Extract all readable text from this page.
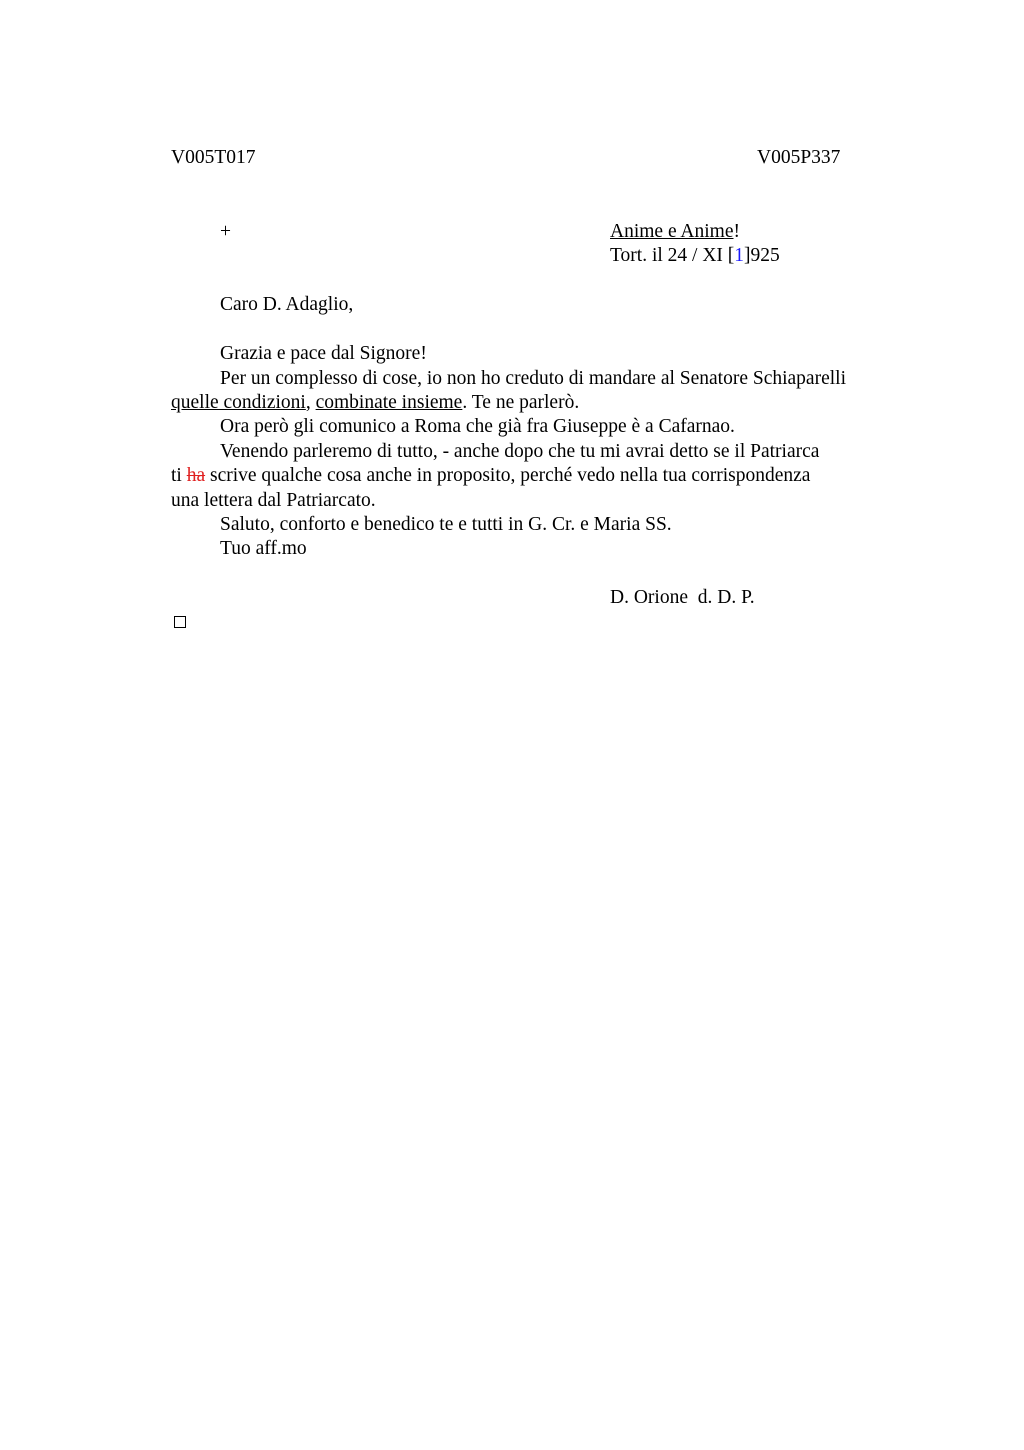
V005T017	V005P337
+	Anime e Anime!
Tort. il 24 / XI [1]925
Caro D. Adaglio,
Grazia e pace dal Signore!
Per un complesso di cose, io non ho creduto di mandare al Senatore Schiaparelli
quelle condizioni, combinate insieme. Te ne parlerò.
Ora però gli comunico a Roma che già fra Giuseppe è a Cafarnao.
Venendo parleremo di tutto, - anche dopo che tu mi avrai detto se il Patriarca
ti ha scrive qualche cosa anche in proposito, perché vedo nella tua corrispondenza
una lettera dal Patriarcato.
Saluto, conforto e benedico te e tutti in G. Cr. e Maria SS.
Tuo aff.mo
D. Orione  d. D. P.
